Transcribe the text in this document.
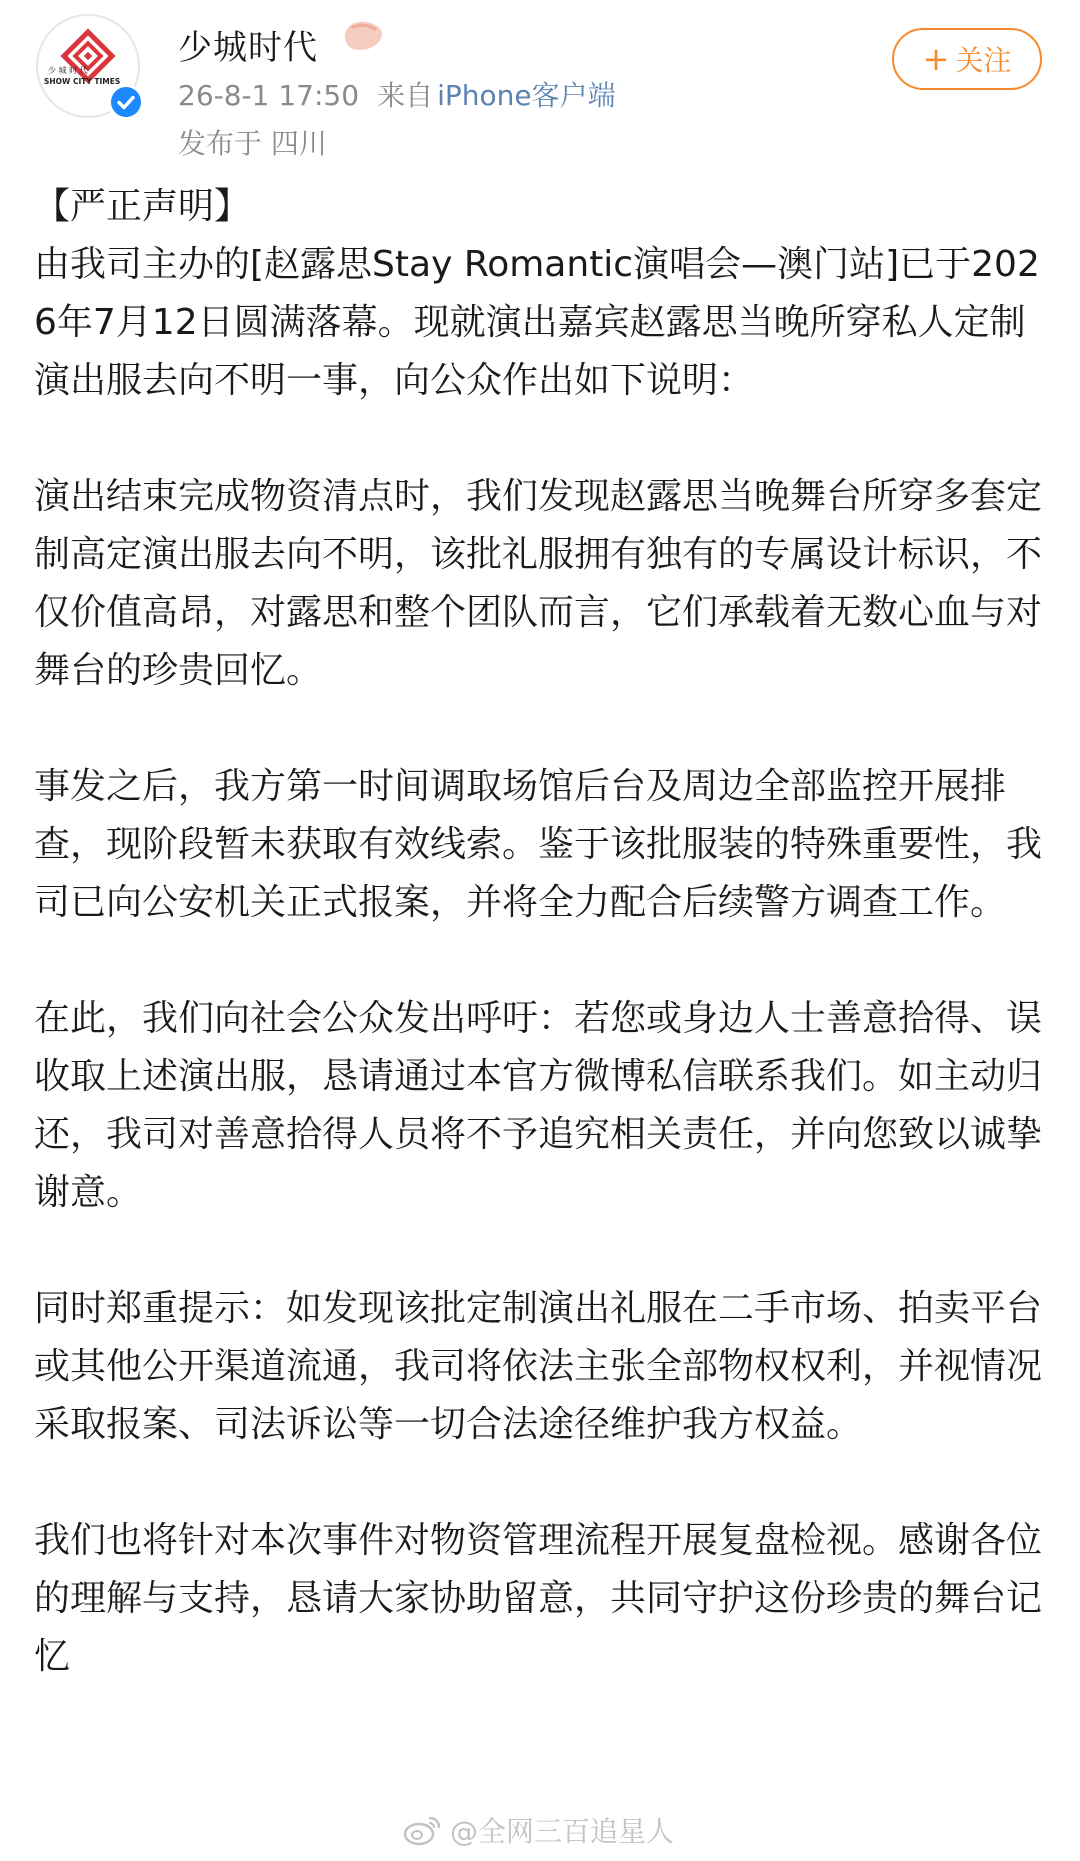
少 城 时 代
SHOW CITY TIMES
少城时代
26-8-1 17:50 来自 iPhone客户端
发布于 四川
+ 关注

【严正声明】

由我司主办的[赵露思Stay Romantic演唱会—澳门站]已于2026年7月12日圆满落幕。现就演出嘉宾赵露思当晚所穿私人定制演出服去向不明一事，向公众作出如下说明：

演出结束完成物资清点时，我们发现赵露思当晚舞台所穿多套定制高定演出服去向不明，该批礼服拥有独有的专属设计标识，不仅价值高昂，对露思和整个团队而言，它们承载着无数心血与对舞台的珍贵回忆。

事发之后，我方第一时间调取场馆后台及周边全部监控开展排查，现阶段暂未获取有效线索。鉴于该批服装的特殊重要性，我司已向公安机关正式报案，并将全力配合后续警方调查工作。

在此，我们向社会公众发出呼吁：若您或身边人士善意拾得、误收取上述演出服，恳请通过本官方微博私信联系我们。如主动归还，我司对善意拾得人员将不予追究相关责任，并向您致以诚挚谢意。

同时郑重提示：如发现该批定制演出礼服在二手市场、拍卖平台或其他公开渠道流通，我司将依法主张全部物权权利，并视情况采取报案、司法诉讼等一切合法途径维护我方权益。

我们也将针对本次事件对物资管理流程开展复盘检视。感谢各位的理解与支持，恳请大家协助留意，共同守护这份珍贵的舞台记忆

@全网三百追星人
